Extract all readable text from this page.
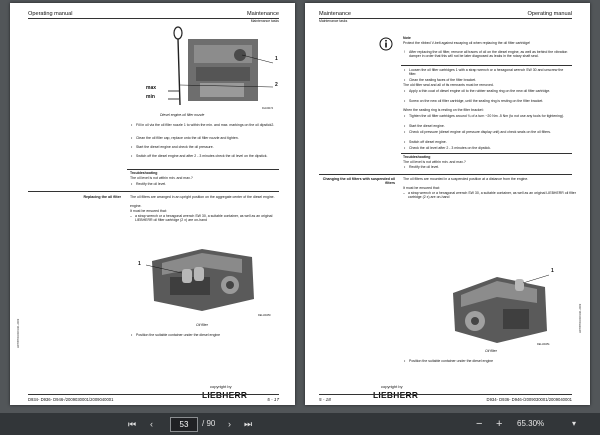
Operating manual	Maintenance
Maintenance tasks
max
min
1
2
DL100474
Diesel engine-oil filler nozzle
• Fill in oil via the oil filler nozzle 1 to within the min. and max. markings on the oil dipstick2.
• Clean the oil filler cap, replace onto the oil filler nozzle and tighten.
• Start the diesel engine and check the oil pressure.
• Switch off the diesel engine and after 2 - 3 minutes check the oil level on the dipstick.
Troubleshooting
The oil level is not within min. and max.?
• Rectify the oil level.
Replacing the oil filter	The oil filters are arranged in an upright position on the aggregate center of the diesel engine.
engine.
It must be ensured that:
– a strap wrench or a hexagonal wrench SW 30, a suitable container, as well as an original LIEBHERR oil filter cartridge (2 x) are on-hand
1
DEL100450
Oil filter
• Position the suitable container under the diesel engine
LWT/BT/DO0/01/21-2009
copyright by
LIEBHERR
D934- D936- D946-/2009030001/2009040001	5 - 17
Maintenance
Maintenance tasks
Operating manual
Note
Protect the ribbed V-belt against escaping oil when replacing the oil filter cartridge!
! After replacing the oil filter, remove all traces of oil on the diesel engine, as well as behind the vibration damper in order that this will not be later diagnosed as leaks in the rotary shaft seal.
• Loosen the oil filter cartridges 1 with a strap wrench or a hexagonal wrench SW 30 and unscrew the filter.
• Clean the sealing faces of the filter bracket.
The old filter seal and all of its remnants must be removed.
• Apply a thin coat of diesel engine oil to the rubber sealing ring on the new oil filter cartridge.
• Screw on the new oil filter cartridge, until the sealing ring is resting on the filter bracket.
When the sealing ring is resting on the filter bracket:
• Tighten the oil filter cartridges around ¾ of a turn ~20 Nm -5 Nm (to not use any tools for tightening).
• Start the diesel engine.
• Check oil pressure (diesel engine oil pressure display unit) and check seals on the oil filters.
• Switch off diesel engine.
• Check the oil level after 2 - 3 minutes on the dipstick.
Troubleshooting
The oil level is not within min. and max.?
• Rectify the oil level.
Changing the oil filters with suspended oil filters
The oil filters are mounted in a suspended position at a distance from the engine.
It must be ensured that:
– a strap wrench or a hexagonal wrench SW 30, a suitable container, as well as an original LIEBHERR oil filter cartridge (2 x) are on-hand
1
DEL100451
Oil filter
• Position the suitable container under the diesel engine
LWT/BT/DO0/01/21-2009
copyright by
LIEBHERR
5 - 18	D934- D936- D946-/2009030001/2009040001
⏮ ‹	53	/ 90 › ⏭	− + 65.30%	▾
